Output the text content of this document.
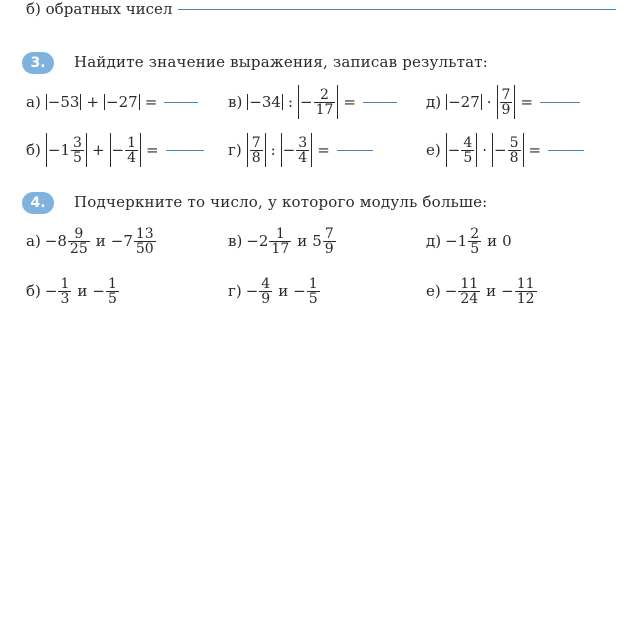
б) обратных чисел
3.	Найдите значение выражения, записав результат:
а) −53 + −27 =	в) −34 : − $\frac{2}{17}$ =	$д) -27 \cdot \frac{7}{9}$ =
$б) -1 \frac{3}{5}$ + − $\frac{1}{4}$ =	$г) \frac{7}{8}$ : − $\frac{3}{4}$ =	$е) - \frac{4}{5}$ · − $\frac{5}{8}$ =
4.	Подчеркните то число, у которого модуль больше:
$а) -8 \frac{9}{25}$ $и -7 \frac{13}{50}$	$в) -2 \frac{1}{17}$ и $5 \frac{7}{9}$	$д) -1 \frac{2}{5}$ и 0
$б) - \frac{1}{3}$ $и - \frac{1}{5}$	$г) - \frac{4}{9}$ $и - \frac{1}{5}$	$е) - \frac{11}{24}$ $и - \frac{11}{12}$
